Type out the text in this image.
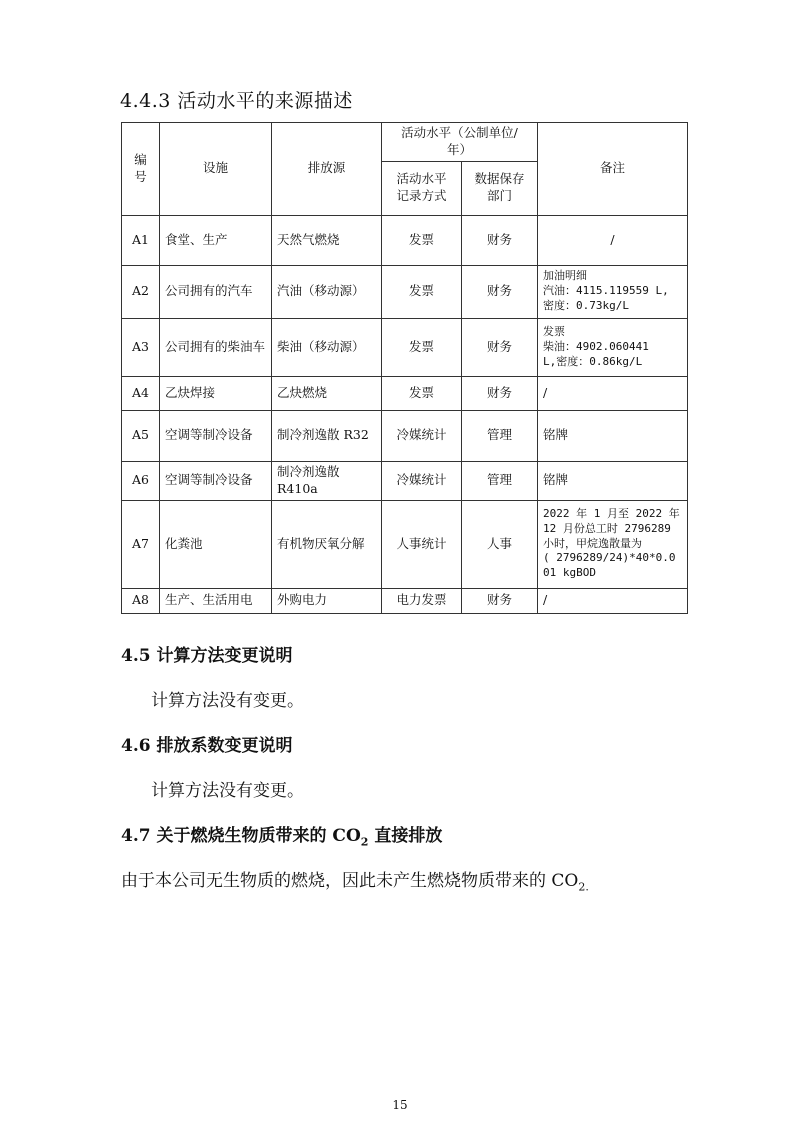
4.4.3 活动水平的来源描述
编号	设施	排放源	活动水平（公制单位/年）		备注
			活动水平记录方式	数据保存部门	
A1	食堂、生产	天然气燃烧	发票	财务	/
A2	公司拥有的汽车	汽油（移动源）	发票	财务	加油明细
汽油：4115.119559 L,
密度：0.73kg/L
A3	公司拥有的柴油车	柴油（移动源）	发票	财务	发票
柴油：4902.060441
L,密度：0.86kg/L
A4	乙炔焊接	乙炔燃烧	发票	财务	/
A5	空调等制冷设备	制冷剂逸散 R32	冷媒统计	管理	铭牌
A6	空调等制冷设备	制冷剂逸散
R410a	冷媒统计	管理	铭牌
A7	化粪池	有机物厌氧分解	人事统计	人事	2022 年 1 月至 2022 年
12 月份总工时 2796289
小时，甲烷逸散量为
( 2796289/24)*40*0.0
01 kgBOD
A8	生产、生活用电	外购电力	电力发票	财务	/
4.5 计算方法变更说明
计算方法没有变更。
4.6 排放系数变更说明
计算方法没有变更。
4.7 关于燃烧生物质带来的 $CO_2$ 直接排放
由于本公司无生物质的燃烧，因此未产生燃烧物质带来的 $CO_{2.}$
15
